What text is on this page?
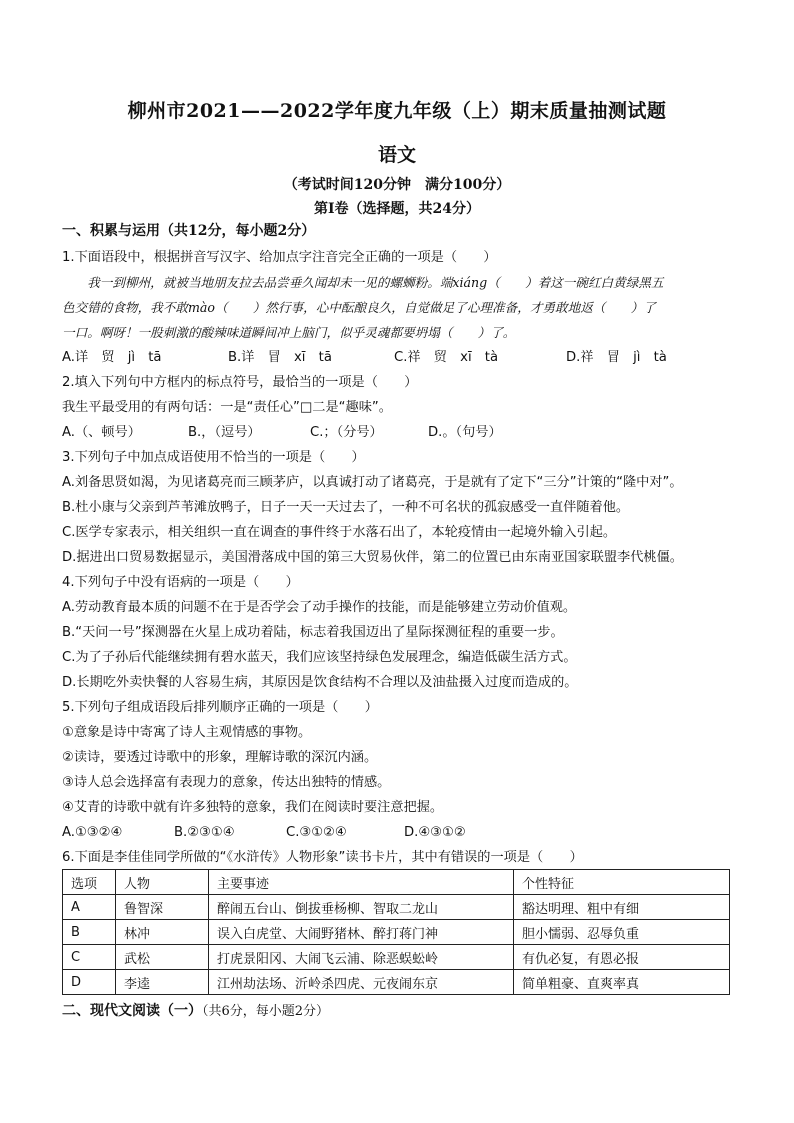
柳州市2021——2022学年度九年级（上）期末质量抽测试题
语文
（考试时间120分钟　满分100分）
第Ⅰ卷（选择题，共24分）
一、积累与运用（共12分，每小题2分）
1.下面语段中，根据拼音写汉字、给加点字注音完全正确的一项是（　　）
　　我一到柳州，就被当地朋友拉去品尝垂久闻却未一见的螺蛳粉。端xiáng（　　）着这一碗红白黄绿黑五
色交错的食物，我不敢mào（　　）然行事，心中酝酿良久，自觉做足了心理准备，才勇敢地返（　　）了
一口。啊呀！一股刺激的酸辣味道瞬间冲上脑门，似乎灵魂都要坍塌（　　）了。
A.详　贸　jì　tā	B.详　冒　xī　tā	C.祥　贸　xī　tà	D.祥　冒　jì　tà
2.填入下列句中方框内的标点符号，最恰当的一项是（　　）
我生平最受用的有两句话：一是“责任心”□二是“趣味”。
A.（、顿号）	B.，（逗号）	C.；（分号）	D.。（句号）
3.下列句子中加点成语使用不恰当的一项是（　　）
A.刘备思贤如渴，为见诸葛亮而三顾茅庐，以真诚打动了诸葛亮，于是就有了定下“三分”计策的“隆中对”。
B.杜小康与父亲到芦苇滩放鸭子，日子一天一天过去了，一种不可名状的孤寂感受一直伴随着他。
C.医学专家表示，相关组织一直在调查的事件终于水落石出了，本轮疫情由一起境外输入引起。
D.据进出口贸易数据显示，美国滑落成中国的第三大贸易伙伴，第二的位置已由东南亚国家联盟李代桃僵。
4.下列句子中没有语病的一项是（　　）
A.劳动教育最本质的问题不在于是否学会了动手操作的技能，而是能够建立劳动价值观。
B.“天问一号”探测器在火星上成功着陆，标志着我国迈出了星际探测征程的重要一步。
C.为了子孙后代能继续拥有碧水蓝天，我们应该坚持绿色发展理念，编造低碳生活方式。
D.长期吃外卖快餐的人容易生病，其原因是饮食结构不合理以及油盐摄入过度而造成的。
5.下列句子组成语段后排列顺序正确的一项是（　　）
①意象是诗中寄寓了诗人主观情感的事物。
②读诗，要透过诗歌中的形象，理解诗歌的深沉内涵。
③诗人总会选择富有表现力的意象，传达出独特的情感。
④艾青的诗歌中就有许多独特的意象，我们在阅读时要注意把握。
A.①③②④	B.②③①④	C.③①②④	D.④③①②
6.下面是李佳佳同学所做的“《水浒传》人物形象”读书卡片，其中有错误的一项是（　　）
选项	人物	主要事迹	个性特征
A	鲁智深	醉闹五台山、倒拔垂杨柳、智取二龙山	豁达明理、粗中有细
B	林冲	误入白虎堂、大闹野猪林、醉打蒋门神	胆小懦弱、忍辱负重
C	武松	打虎景阳冈、大闹飞云浦、除恶蜈蚣岭	有仇必复，有恩必报
D	李逵	江州劫法场、沂岭杀四虎、元夜闹东京	简单粗豪、直爽率真
二、现代文阅读（一）（共6分，每小题2分）
